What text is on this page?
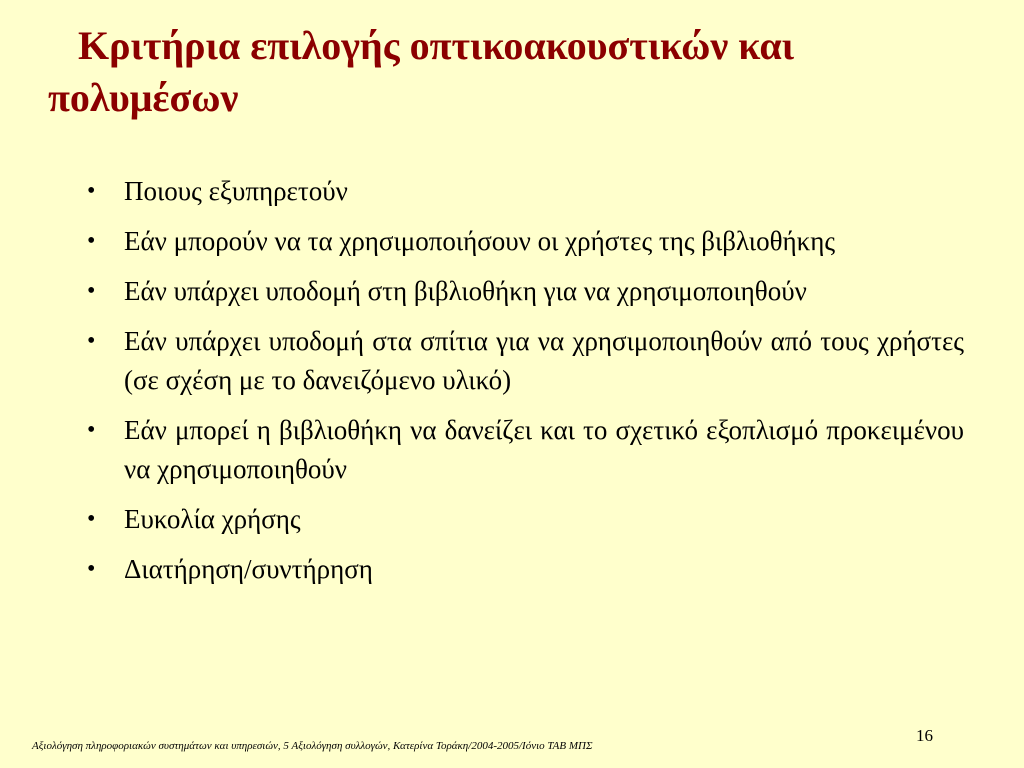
Κριτήρια επιλογής οπτικοακουστικών και
πολυμέσων
• Ποιους εξυπηρετούν
• Εάν μπορούν να τα χρησιμοποιήσουν οι χρήστες της βιβλιοθήκης
• Εάν υπάρχει υποδομή στη βιβλιοθήκη για να χρησιμοποιηθούν
• Εάν υπάρχει υποδομή στα σπίτια για να χρησιμοποιηθούν από τους χρήστες (σε σχέση με το δανειζόμενο υλικό)
• Εάν μπορεί η βιβλιοθήκη να δανείζει και το σχετικό εξοπλισμό προκειμένου να χρησιμοποιηθούν
• Ευκολία χρήσης
• Διατήρηση/συντήρηση
Αξιολόγηση πληροφοριακών συστημάτων και υπηρεσιών, 5 Αξιολόγηση συλλογών, Κατερίνα Τοράκη/2004-2005/Ιόνιο ΤΑΒ ΜΠΣ
16
